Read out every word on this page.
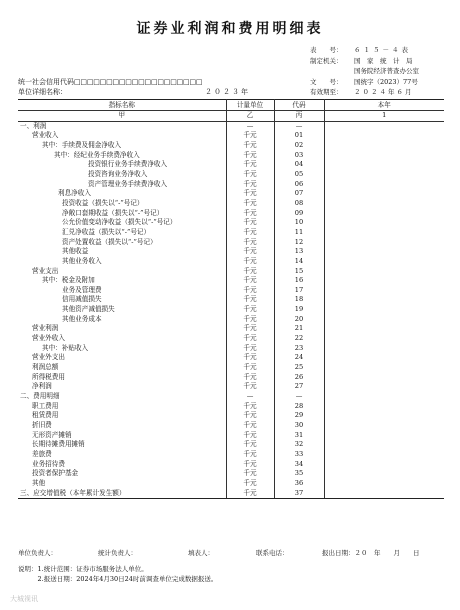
证券业利润和费用明细表
表　　号： ６１５－４表
制定机关： 国　家　统　计　局
国务院经济普查办公室
文　　号： 国统字（2023）77号
有效期至： ２０２４年６月
统一社会信用代码□□□□□□□□□□□□□□□□□□□□
单位详细名称：	２０２３年
指标名称	计量单位	代码	本年
甲	乙	丙	1
一、利润	—	—	
营业收入	千元	01	
其中：手续费及佣金净收入	千元	02	
其中：经纪业务手续费净收入	千元	03	
投资银行业务手续费净收入	千元	04	
投资咨询业务净收入	千元	05	
资产管理业务手续费净收入	千元	06	
利息净收入	千元	07	
投资收益（损失以“-”号记）	千元	08	
净敞口套期收益（损失以“-”号记）	千元	09	
公允价值变动净收益（损失以“-”号记）	千元	10	
汇兑净收益（损失以“-”号记）	千元	11	
资产处置收益（损失以“-”号记）	千元	12	
其他收益	千元	13	
其他业务收入	千元	14	
营业支出	千元	15	
其中：税金及附加	千元	16	
业务及管理费	千元	17	
信用减值损失	千元	18	
其他资产减值损失	千元	19	
其他业务成本	千元	20	
营业利润	千元	21	
营业外收入	千元	22	
其中：补贴收入	千元	23	
营业外支出	千元	24	
利润总额	千元	25	
所得税费用	千元	26	
净利润	千元	27	
二、费用明细	—	—	
职工费用	千元	28	
租赁费用	千元	29	
折旧费	千元	30	
无形资产摊销	千元	31	
长期待摊费用摊销	千元	32	
差旅费	千元	33	
业务招待费	千元	34	
投资者保护基金	千元	35	
其他	千元	36	
三、应交增值税（本年累计发生额）	千元	37	
单位负责人：	统计负责人：	填表人：	联系电话：	报出日期：２０　年　　月　　日
说明：1.统计范围：证券市场服务法人单位。
　　　2.报送日期：2024年4月30日24时前调查单位完成数据报送。
大城视讯
